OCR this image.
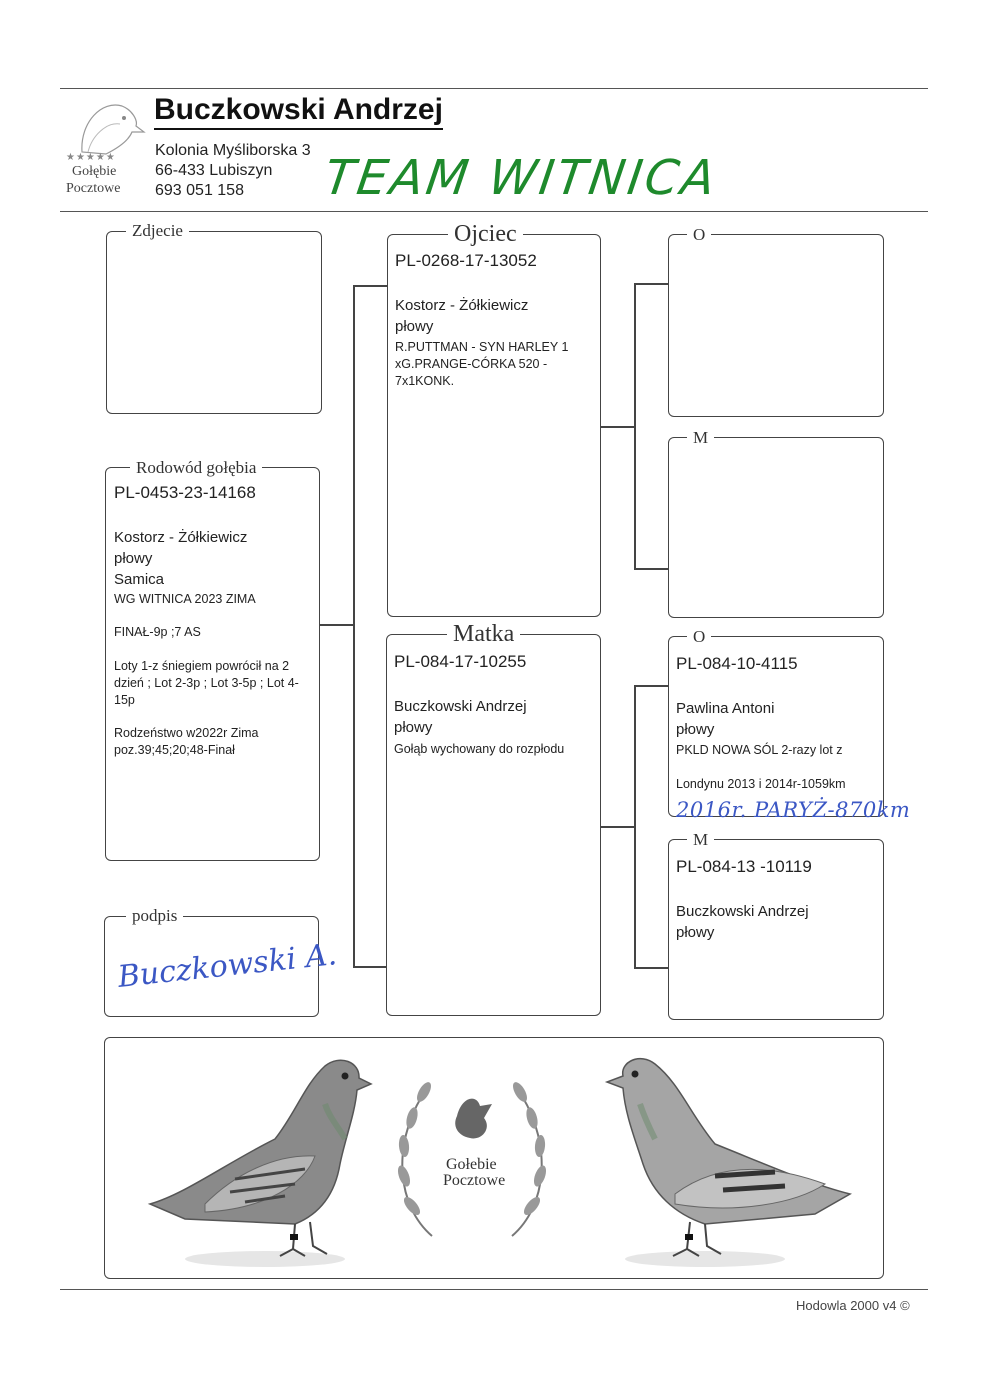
★★★★★
Gołębie
Pocztowe
Buczkowski Andrzej
Kolonia Myśliborska 3
66-433 Lubiszyn
693 051 158 TEAM WITNICA
Zdjecie
Rodowód gołębia
PL-0453-23-14168
Kostorz - Żółkiewicz
płowy
Samica
WG WITNICA 2023 ZIMA
FINAŁ-9p ;7 AS
Loty 1-z śniegiem powrócił na 2 dzień ; Lot 2-3p ; Lot 3-5p ; Lot 4-15p
Rodzeństwo w2022r Zima poz.39;45;20;48-Finał
podpis
Buczkowski A.
Ojciec
PL-0268-17-13052
Kostorz - Żółkiewicz
płowy
R.PUTTMAN - SYN HARLEY 1 xG.PRANGE-CÓRKA 520 - 7x1KONK.
Matka
PL-084-17-10255
Buczkowski Andrzej
płowy
Gołąb wychowany do rozpłodu
O
M
O
PL-084-10-4115
Pawlina Antoni
płowy
PKLD NOWA SÓL 2-razy lot z
Londynu 2013 i 2014r-1059km
2016r. PARYŻ-870km
M
PL-084-13 -10119
Buczkowski Andrzej
płowy
Gołebie
Pocztowe
Hodowla 2000 v4 ©
